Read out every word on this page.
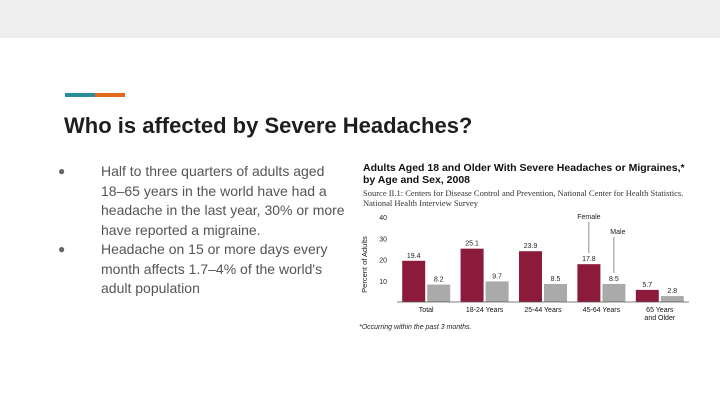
Who is affected by Severe Headaches?
●	Half to three quarters of adults aged 18–65 years in the world have had a headache in the last year, 30% or more have reported a migraine.
●	Headache on 15 or more days every month affects 1.7–4% of the world's adult population

Adults Aged 18 and Older With Severe Headaches or Migraines,* by Age and Sex, 2008

Source II.1: Centers for Disease Control and Prevention, National Center for Health Statistics. National Health Interview Survey
10
20
30
40
Percent of Adults	19.4
8.2
Total
25.1
9.7
18-24 Years
23.9
8.5
25-44 Years
17.8
8.5
45-64 Years
5.7
2.8
65 Years
and Older
Female
Male
*Occurring within the past 3 months.
